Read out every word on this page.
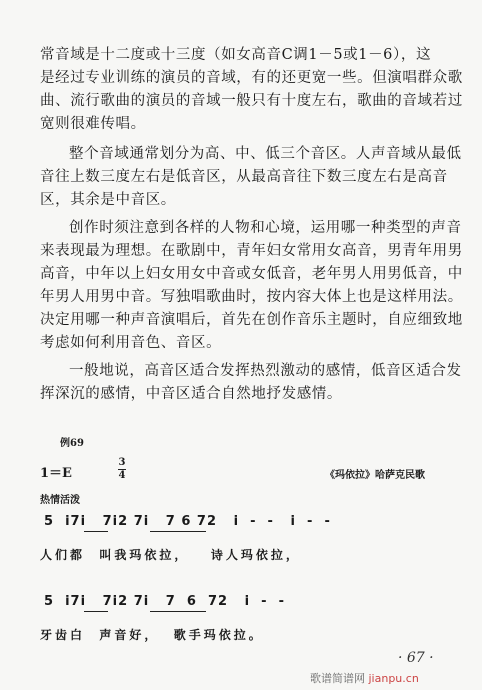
常音域是十二度或十三度（如女高音C调1－5或1－6），这
是经过专业训练的演员的音域，有的还更宽一些。但演唱群众歌
曲、流行歌曲的演员的音域一般只有十度左右，歌曲的音域若过
宽则很难传唱。
整个音域通常划分为高、中、低三个音区。人声音域从最低
音往上数三度左右是低音区，从最高音往下数三度左右是高音
区，其余是中音区。
创作时须注意到各样的人物和心境，运用哪一种类型的声音
来表现最为理想。在歌剧中，青年妇女常用女高音，男青年用男
高音，中年以上妇女用女中音或女低音，老年男人用男低音，中
年男人用男中音。写独唱歌曲时，按内容大体上也是这样用法。
决定用哪一种声音演唱后，首先在创作音乐主题时，自应细致地
考虑如何利用音色、音区。
一般地说，高音区适合发挥热烈激动的感情，低音区适合发
挥深沉的感情，中音区适合自然地抒发感情。
例69
1＝E
3
4	《玛依拉》哈萨克民歌
热情活泼
5  i7i   7i2 7i   7 6 72   i  -  -   i  -  -
人们都  叫我玛依拉，   诗人玛依拉，
5  i7i   7i2 7i   7  6  72   i  -  -
牙齿白  声音好，  歌手玛依拉。
· 67 ·
歌谱简谱网 jianpu.cn
